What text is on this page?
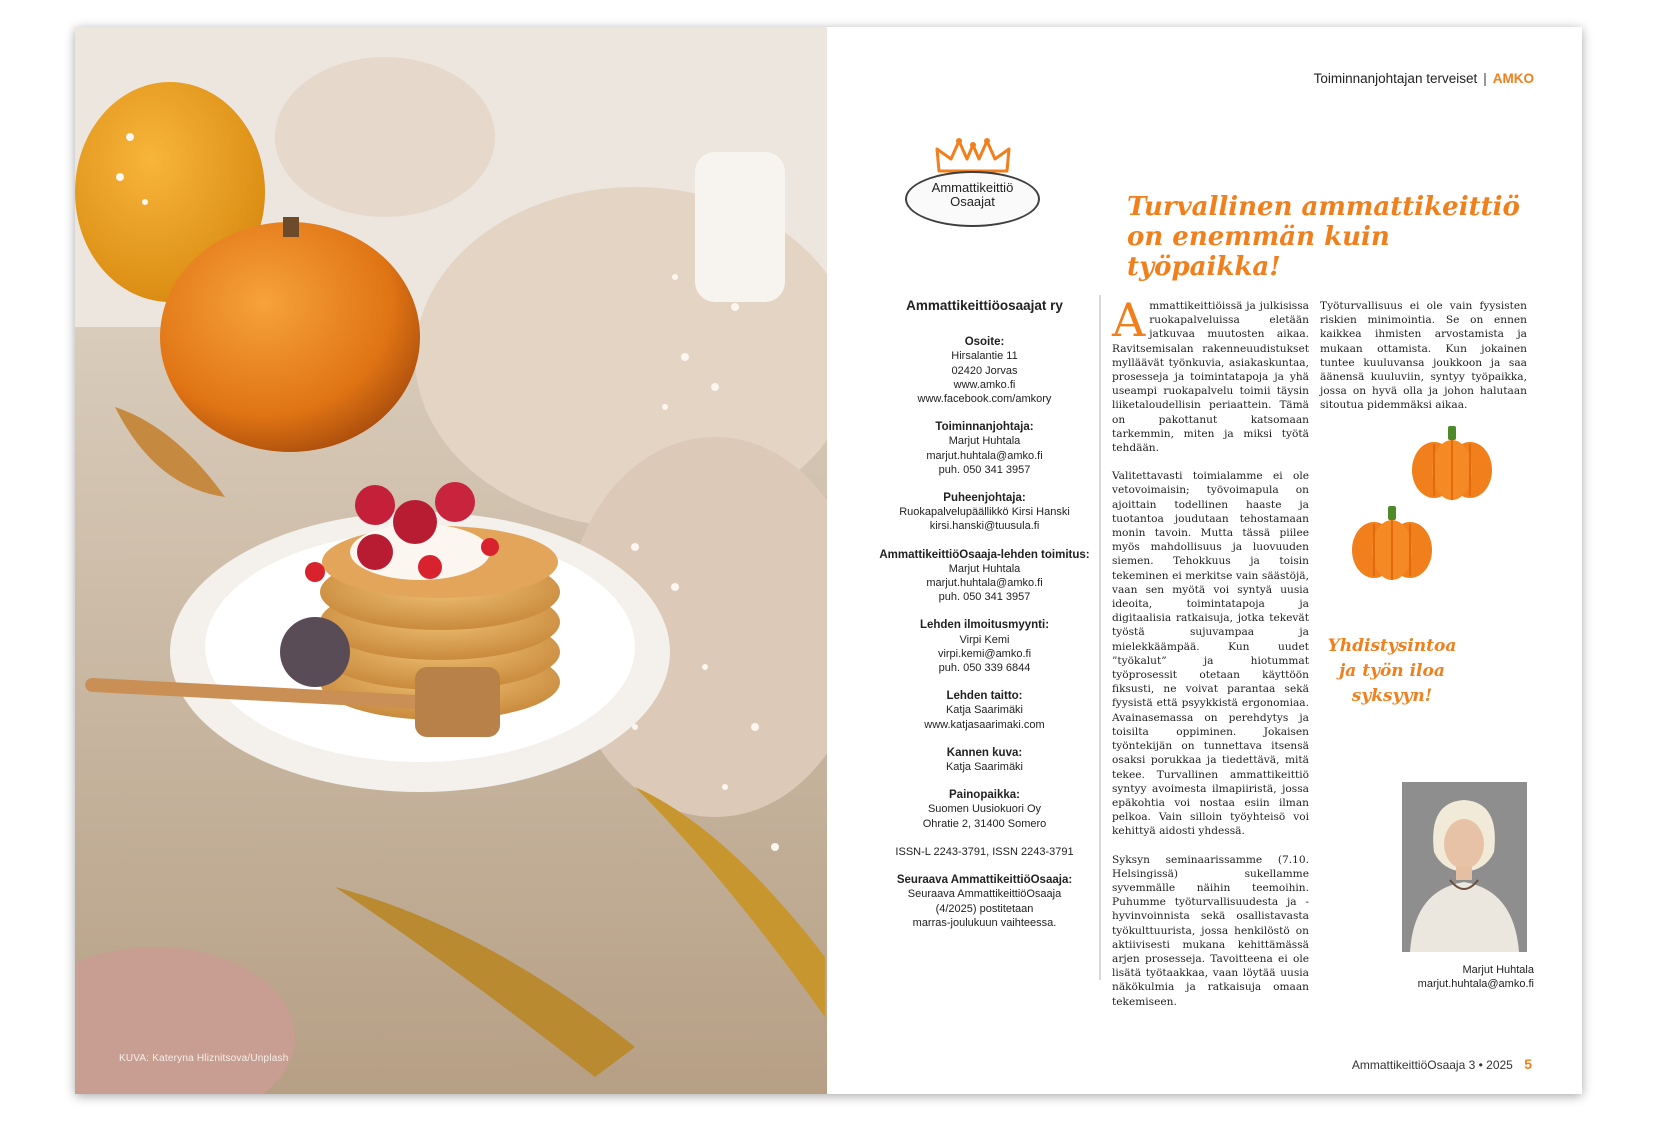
KUVA: Kateryna Hliznitsova/Unplash
Toiminnanjohtajan terveiset | AMKO
Ammattikeittiö
Osaajat	Turvallinen ammattikeittiö on enemmän kuin työpaikka!
Ammattikeittiöosaajat ry
Osoite:
Hirsalantie 11
02420 Jorvas
www.amko.fi
www.facebook.com/amkory
Toiminnanjohtaja:
Marjut Huhtala
marjut.huhtala@amko.fi
puh. 050 341 3957
Puheenjohtaja:
Ruokapalvelupäällikkö Kirsi Hanski
kirsi.hanski@tuusula.fi
AmmattikeittiöOsaaja-lehden toimitus:
Marjut Huhtala
marjut.huhtala@amko.fi
puh. 050 341 3957
Lehden ilmoitusmyynti:
Virpi Kemi
virpi.kemi@amko.fi
puh. 050 339 6844
Lehden taitto:
Katja Saarimäki
www.katjasaarimaki.com
Kannen kuva:
Katja Saarimäki
Painopaikka:
Suomen Uusiokuori Oy
Ohratie 2, 31400 Somero
ISSN-L 2243-3791, ISSN 2243-3791
Seuraava AmmattikeittiöOsaaja:
Seuraava AmmattikeittiöOsaaja
(4/2025) postitetaan
marras-joulukuun vaihteessa.

Ammattikeittiöissä ja julkisissa ruokapalveluissa eletään jatkuvaa muutosten aikaa. Ravitsemisalan rakenneuudistukset mylläävät työnkuvia, asiakaskuntaa, prosesseja ja toimintatapoja ja yhä useampi ruokapalvelu toimii täysin liiketaloudellisin periaattein. Tämä on pakottanut katsomaan tarkemmin, miten ja miksi työtä tehdään.

Valitettavasti toimialamme ei ole vetovoimaisin; työvoimapula on ajoittain todellinen haaste ja tuotantoa joudutaan tehostamaan monin tavoin. Mutta tässä piilee myös mahdollisuus ja luovuuden siemen. Tehokkuus ja toisin tekeminen ei merkitse vain säästöjä, vaan sen myötä voi syntyä uusia ideoita, toimintatapoja ja digitaalisia ratkaisuja, jotka tekevät työstä sujuvampaa ja mielekkäämpää. Kun uudet ”työkalut” ja hiotummat työprosessit otetaan käyttöön fiksusti, ne voivat parantaa sekä fyysistä että psyykkistä ergonomiaa. Avainasemassa on perehdytys ja toisilta oppiminen. Jokaisen työntekijän on tunnettava itsensä osaksi porukkaa ja tiedettävä, mitä tekee. Turvallinen ammattikeittiö syntyy avoimesta ilmapiiristä, jossa epäkohtia voi nostaa esiin ilman pelkoa. Vain silloin työyhteisö voi kehittyä aidosti yhdessä.

Syksyn seminaarissamme (7.10. Helsingissä) sukellamme syvemmälle näihin teemoihin. Puhumme työturvallisuudesta ja -hyvinvoinnista sekä osallistavasta työkulttuurista, jossa henkilöstö on aktiivisesti mukana kehittämässä arjen prosesseja. Tavoitteena ei ole lisätä työtaakkaa, vaan löytää uusia näkökulmia ja ratkaisuja omaan tekemiseen.

Työturvallisuus ei ole vain fyysisten riskien minimointia. Se on ennen kaikkea ihmisten arvostamista ja mukaan ottamista. Kun jokainen tuntee kuuluvansa joukkoon ja saa äänensä kuuluviin, syntyy työpaikka, jossa on hyvä olla ja johon halutaan sitoutua pidemmäksi aikaa.

Yhdistysintoa
ja työn iloa
syksyyn!
Marjut Huhtala
marjut.huhtala@amko.fi
AmmattikeittiöOsaaja 3 • 2025 5
